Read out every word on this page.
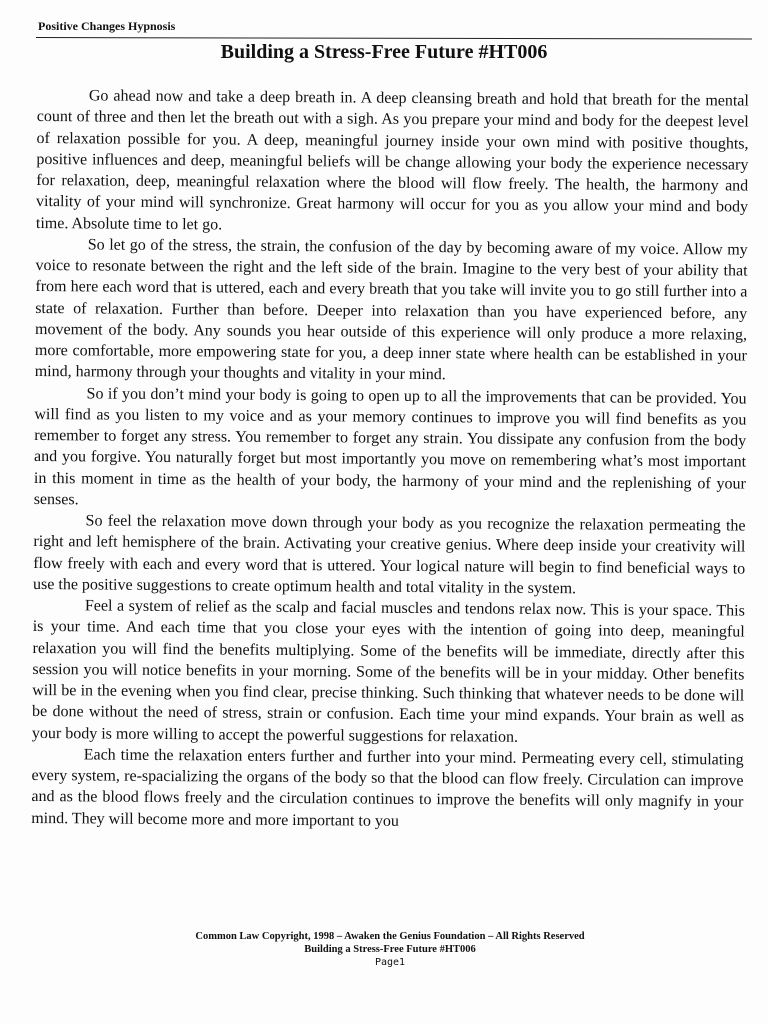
Positive Changes Hypnosis
Building a Stress-Free Future #HT006

Go ahead now and take a deep breath in. A deep cleansing breath and hold that breath for the mental count of three and then let the breath out with a sigh. As you prepare your mind and body for the deepest level of relaxation possible for you. A deep, meaningful journey inside your own mind with positive thoughts, positive influences and deep, meaningful beliefs will be change allowing your body the experience necessary for relaxation, deep, meaningful relaxation where the blood will flow freely. The health, the harmony and vitality of your mind will synchronize. Great harmony will occur for you as you allow your mind and body time. Absolute time to let go.

So let go of the stress, the strain, the confusion of the day by becoming aware of my voice. Allow my voice to resonate between the right and the left side of the brain. Imagine to the very best of your ability that from here each word that is uttered, each and every breath that you take will invite you to go still further into a state of relaxation. Further than before. Deeper into relaxation than you have experienced before, any movement of the body. Any sounds you hear outside of this experience will only produce a more relaxing, more comfortable, more empowering state for you, a deep inner state where health can be established in your mind, harmony through your thoughts and vitality in your mind.

So if you don’t mind your body is going to open up to all the improvements that can be provided. You will find as you listen to my voice and as your memory continues to improve you will find benefits as you remember to forget any stress. You remember to forget any strain. You dissipate any confusion from the body and you forgive. You naturally forget but most importantly you move on remembering what’s most important in this moment in time as the health of your body, the harmony of your mind and the replenishing of your senses.

So feel the relaxation move down through your body as you recognize the relaxation permeating the right and left hemisphere of the brain. Activating your creative genius. Where deep inside your creativity will flow freely with each and every word that is uttered. Your logical nature will begin to find beneficial ways to use the positive suggestions to create optimum health and total vitality in the system.

Feel a system of relief as the scalp and facial muscles and tendons relax now. This is your space. This is your time. And each time that you close your eyes with the intention of going into deep, meaningful relaxation you will find the benefits multiplying. Some of the benefits will be immediate, directly after this session you will notice benefits in your morning. Some of the benefits will be in your midday. Other benefits will be in the evening when you find clear, precise thinking. Such thinking that whatever needs to be done will be done without the need of stress, strain or confusion. Each time your mind expands. Your brain as well as your body is more willing to accept the powerful suggestions for relaxation.

Each time the relaxation enters further and further into your mind. Permeating every cell, stimulating every system, re-spacializing the organs of the body so that the blood can flow freely. Circulation can improve and as the blood flows freely and the circulation continues to improve the benefits will only magnify in your mind. They will become more and more important to you

Common Law Copyright, 1998 – Awaken the Genius Foundation – All Rights Reserved
Building a Stress-Free Future #HT006
Page1
